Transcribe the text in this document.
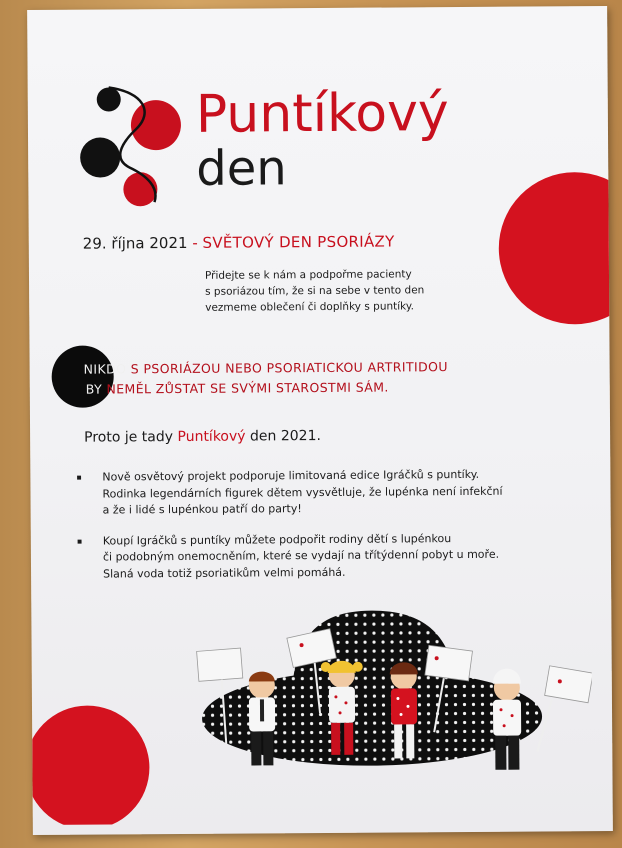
Puntíkový
den
29. října 2021 - SVĚTOVÝ DEN PSORIÁZY
Přidejte se k nám a podpořme pacienty
s psoriázou tím, že si na sebe v tento den
vezmeme oblečení či doplňky s puntíky.
NIKDO S PSORIÁZOU NEBO PSORIATICKOU ARTRITIDOU
BY NEMĚL ZŮSTAT SE SVÝMI STAROSTMI SÁM.
Proto je tady Puntíkový den 2021.
▪ Nově osvětový projekt podporuje limitovaná edice Igráčků s puntíky.
Rodinka legendárních figurek dětem vysvětluje, že lupénka není infekční
a že i lidé s lupénkou patří do party!
▪ Koupí Igráčků s puntíky můžete podpořit rodiny dětí s lupénkou
či podobným onemocněním, které se vydají na třítýdenní pobyt u moře.
Slaná voda totiž psoriatikům velmi pomáhá.
